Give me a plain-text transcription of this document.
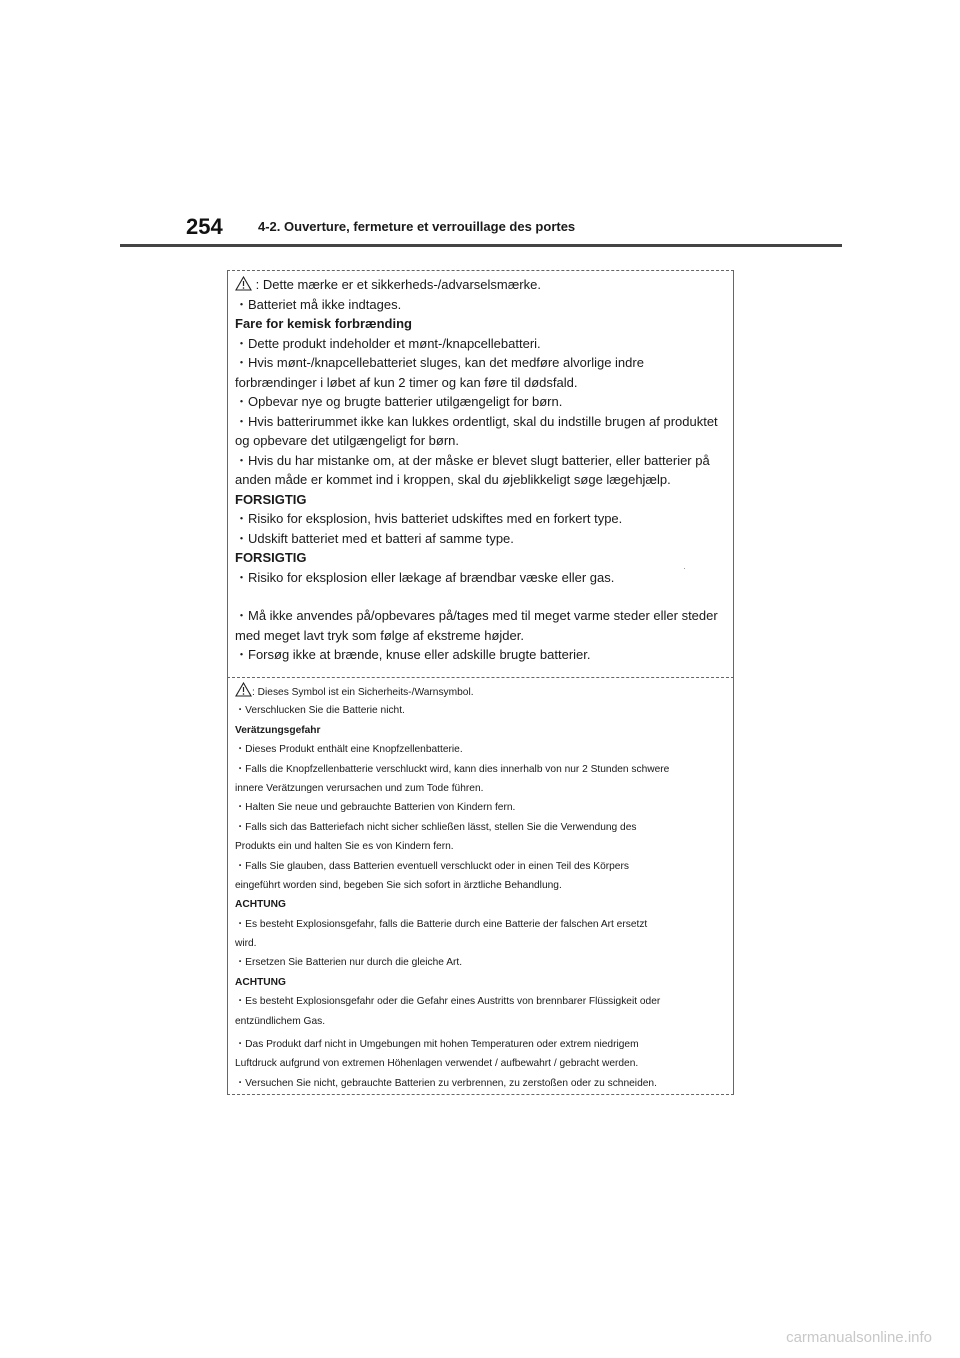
254	4-2. Ouverture, fermeture et verrouillage des portes
: Dette mærke er et sikkerheds-/advarselsmærke.
・Batteriet må ikke indtages.
Fare for kemisk forbrænding
・Dette produkt indeholder et mønt-/knapcellebatteri.
・Hvis mønt-/knapcellebatteriet sluges, kan det medføre alvorlige indre
forbrændinger i løbet af kun 2 timer og kan føre til dødsfald.
・Opbevar nye og brugte batterier utilgængeligt for børn.
・Hvis batterirummet ikke kan lukkes ordentligt, skal du indstille brugen af produktet
og opbevare det utilgængeligt for børn.
・Hvis du har mistanke om, at der måske er blevet slugt batterier, eller batterier på
anden måde er kommet ind i kroppen, skal du øjeblikkeligt søge lægehjælp.
FORSIGTIG
・Risiko for eksplosion, hvis batteriet udskiftes med en forkert type.
・Udskift batteriet med et batteri af samme type.
FORSIGTIG
・Risiko for eksplosion eller lækage af brændbar væske eller gas.
・Må ikke anvendes på/opbevares på/tages med til meget varme steder eller steder
med meget lavt tryk som følge af ekstreme højder.
・Forsøg ikke at brænde, knuse eller adskille brugte batterier.
: Dieses Symbol ist ein Sicherheits-/Warnsymbol.
・Verschlucken Sie die Batterie nicht.
Verätzungsgefahr
・Dieses Produkt enthält eine Knopfzellenbatterie.
・Falls die Knopfzellenbatterie verschluckt wird, kann dies innerhalb von nur 2 Stunden schwere
innere Verätzungen verursachen und zum Tode führen.
・Halten Sie neue und gebrauchte Batterien von Kindern fern.
・Falls sich das Batteriefach nicht sicher schließen lässt, stellen Sie die Verwendung des
Produkts ein und halten Sie es von Kindern fern.
・Falls Sie glauben, dass Batterien eventuell verschluckt oder in einen Teil des Körpers
eingeführt worden sind, begeben Sie sich sofort in ärztliche Behandlung.
ACHTUNG
・Es besteht Explosionsgefahr, falls die Batterie durch eine Batterie der falschen Art ersetzt
wird.
・Ersetzen Sie Batterien nur durch die gleiche Art.
ACHTUNG
・Es besteht Explosionsgefahr oder die Gefahr eines Austritts von brennbarer Flüssigkeit oder
entzündlichem Gas.
・Das Produkt darf nicht in Umgebungen mit hohen Temperaturen oder extrem niedrigem
Luftdruck aufgrund von extremen Höhenlagen verwendet / aufbewahrt / gebracht werden.
・Versuchen Sie nicht, gebrauchte Batterien zu verbrennen, zu zerstoßen oder zu schneiden.
carmanualsonline.info
